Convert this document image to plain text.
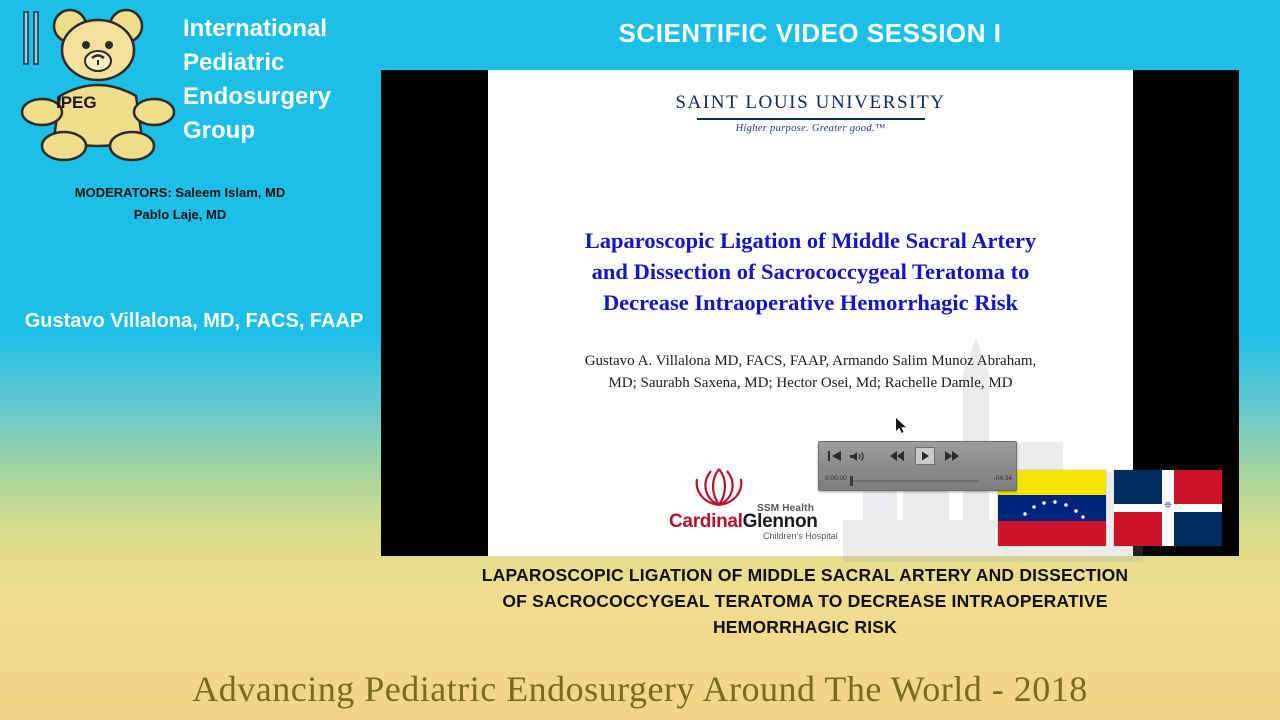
SCIENTIFIC VIDEO SESSION I
IPEG
International
Pediatric
Endosurgery
Group
MODERATORS: Saleem Islam, MD
Pablo Laje, MD
Gustavo Villalona, MD, FACS, FAAP
SAINT LOUIS UNIVERSITY
Higher purpose. Greater good.™
Laparoscopic Ligation of Middle Sacral Artery
and Dissection of Sacrococcygeal Teratoma to
Decrease Intraoperative Hemorrhagic Risk
Gustavo A. Villalona MD, FACS, FAAP, Armando Salim Munoz Abraham,
MD; Saurabh Saxena, MD; Hector Osei, Md; Rachelle Damle, MD
SSM Health
CardinalGlennon
Children's Hospital
❊
0:00:00	-04:34
LAPAROSCOPIC LIGATION OF MIDDLE SACRAL ARTERY AND DISSECTION
OF SACROCOCCYGEAL TERATOMA TO DECREASE INTRAOPERATIVE
HEMORRHAGIC RISK
Advancing Pediatric Endosurgery Around The World - 2018
